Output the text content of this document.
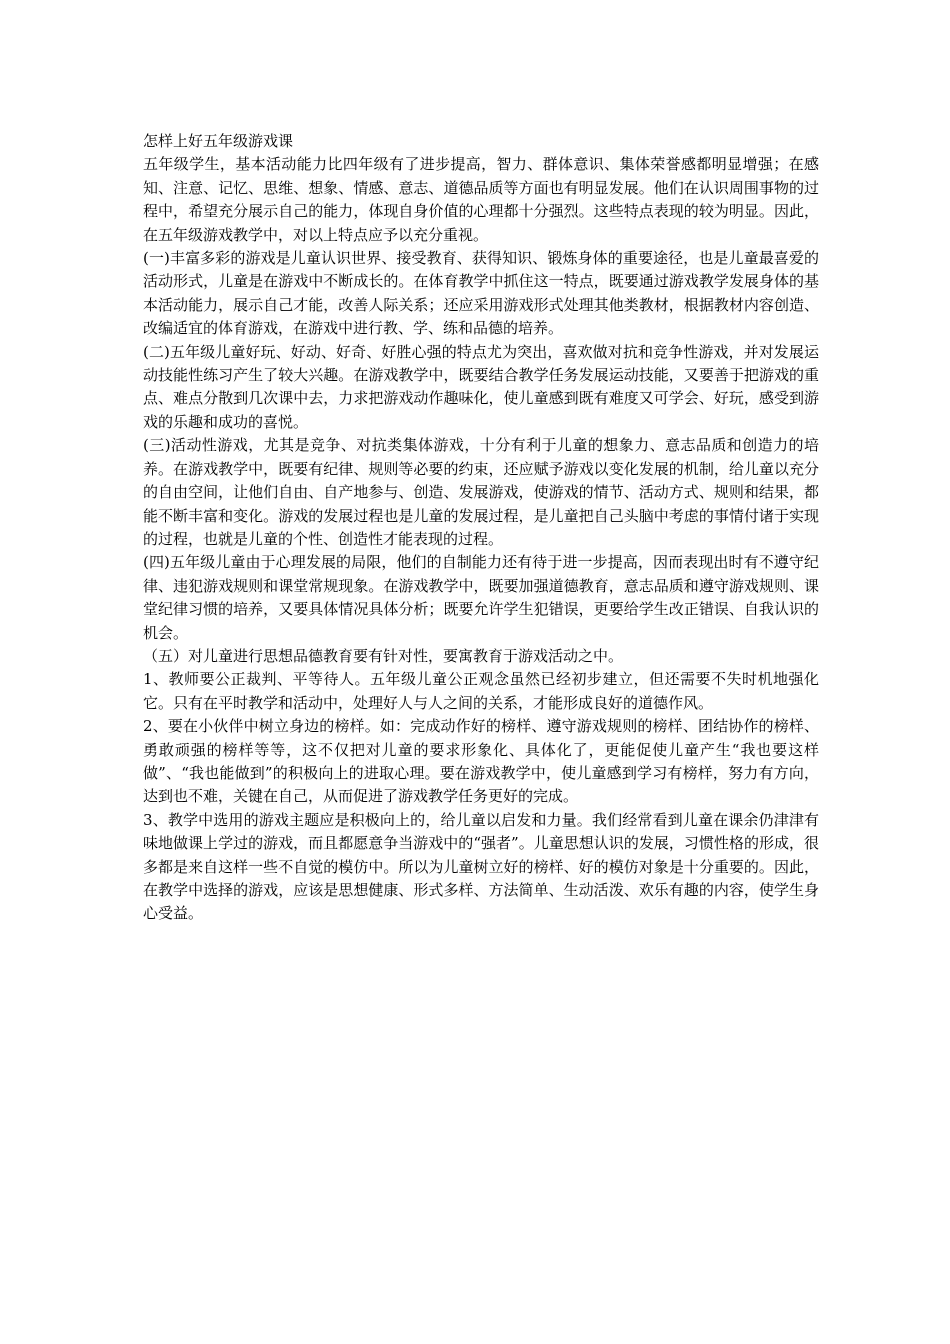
怎样上好五年级游戏课

五年级学生，基本活动能力比四年级有了进步提高，智力、群体意识、集体荣誉感都明显增强；在感知、注意、记忆、思维、想象、情感、意志、道德品质等方面也有明显发展。他们在认识周围事物的过程中，希望充分展示自己的能力，体现自身价值的心理都十分强烈。这些特点表现的较为明显。因此，在五年级游戏教学中，对以上特点应予以充分重视。

(一)丰富多彩的游戏是儿童认识世界、接受教育、获得知识、锻炼身体的重要途径，也是儿童最喜爱的活动形式，儿童是在游戏中不断成长的。在体育教学中抓住这一特点，既要通过游戏教学发展身体的基本活动能力，展示自己才能，改善人际关系；还应采用游戏形式处理其他类教材，根据教材内容创造、改编适宜的体育游戏，在游戏中进行教、学、练和品德的培养。

(二)五年级儿童好玩、好动、好奇、好胜心强的特点尤为突出，喜欢做对抗和竞争性游戏，并对发展运动技能性练习产生了较大兴趣。在游戏教学中，既要结合教学任务发展运动技能，又要善于把游戏的重点、难点分散到几次课中去，力求把游戏动作趣味化，使儿童感到既有难度又可学会、好玩，感受到游戏的乐趣和成功的喜悦。

(三)活动性游戏，尤其是竞争、对抗类集体游戏，十分有利于儿童的想象力、意志品质和创造力的培养。在游戏教学中，既要有纪律、规则等必要的约束，还应赋予游戏以变化发展的机制，给儿童以充分的自由空间，让他们自由、自产地参与、创造、发展游戏，使游戏的情节、活动方式、规则和结果，都能不断丰富和变化。游戏的发展过程也是儿童的发展过程，是儿童把自己头脑中考虑的事情付诸于实现的过程，也就是儿童的个性、创造性才能表现的过程。

(四)五年级儿童由于心理发展的局限，他们的自制能力还有待于进一步提高，因而表现出时有不遵守纪律、违犯游戏规则和课堂常规现象。在游戏教学中，既要加强道德教育，意志品质和遵守游戏规则、课堂纪律习惯的培养，又要具体情况具体分析；既要允许学生犯错误，更要给学生改正错误、自我认识的机会。

（五）对儿童进行思想品德教育要有针对性，要寓教育于游戏活动之中。

1、教师要公正裁判、平等待人。五年级儿童公正观念虽然已经初步建立，但还需要不失时机地强化它。只有在平时教学和活动中，处理好人与人之间的关系，才能形成良好的道德作风。

2、要在小伙伴中树立身边的榜样。如：完成动作好的榜样、遵守游戏规则的榜样、团结协作的榜样、勇敢顽强的榜样等等，这不仅把对儿童的要求形象化、具体化了，更能促使儿童产生“我也要这样做”、“我也能做到”的积极向上的进取心理。要在游戏教学中，使儿童感到学习有榜样，努力有方向，达到也不难，关键在自己，从而促进了游戏教学任务更好的完成。

3、教学中选用的游戏主题应是积极向上的，给儿童以启发和力量。我们经常看到儿童在课余仍津津有味地做课上学过的游戏，而且都愿意争当游戏中的“强者”。儿童思想认识的发展，习惯性格的形成，很多都是来自这样一些不自觉的模仿中。所以为儿童树立好的榜样、好的模仿对象是十分重要的。因此，在教学中选择的游戏，应该是思想健康、形式多样、方法简单、生动活泼、欢乐有趣的内容，使学生身心受益。
